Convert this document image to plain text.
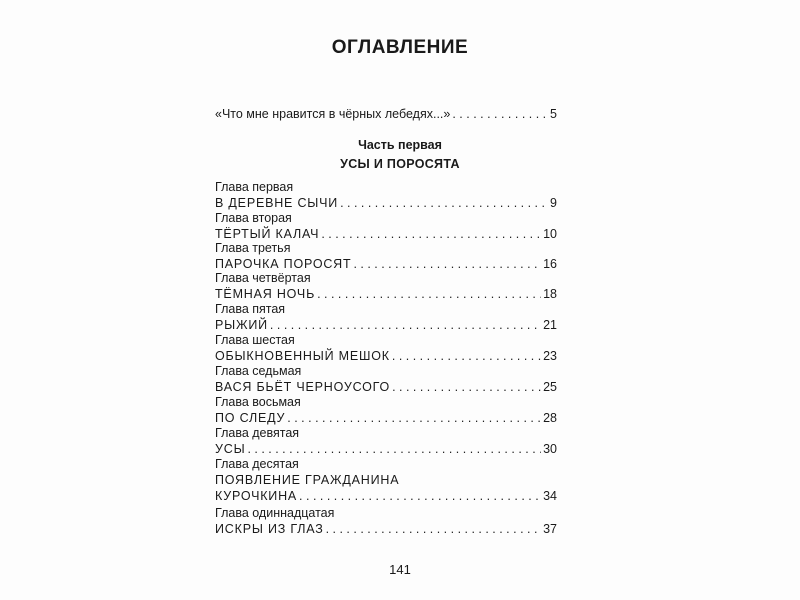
ОГЛАВЛЕНИЕ
«Что мне нравится в чёрных лебедях...» . . .	5
Часть первая
УСЫ И ПОРОСЯТА
Глава первая
В ДЕРЕВНЕ СЫЧИ . . .	9
Глава вторая
ТЁРТЫЙ КАЛАЧ . . .	10
Глава третья
ПАРОЧКА ПОРОСЯТ . . .	16
Глава четвёртая
ТЁМНАЯ НОЧЬ . . .	18
Глава пятая
РЫЖИЙ . . .	21
Глава шестая
ОБЫКНОВЕННЫЙ МЕШОК . . .	23
Глава седьмая
ВАСЯ БЬЁТ ЧЕРНОУСОГО . . .	25
Глава восьмая
ПО СЛЕДУ . . .	28
Глава девятая
УСЫ . . .	30
Глава десятая
ПОЯВЛЕНИЕ ГРАЖДАНИНА
КУРОЧКИНА . . .	34
Глава одиннадцатая
ИСКРЫ ИЗ ГЛАЗ . . .	37
141
